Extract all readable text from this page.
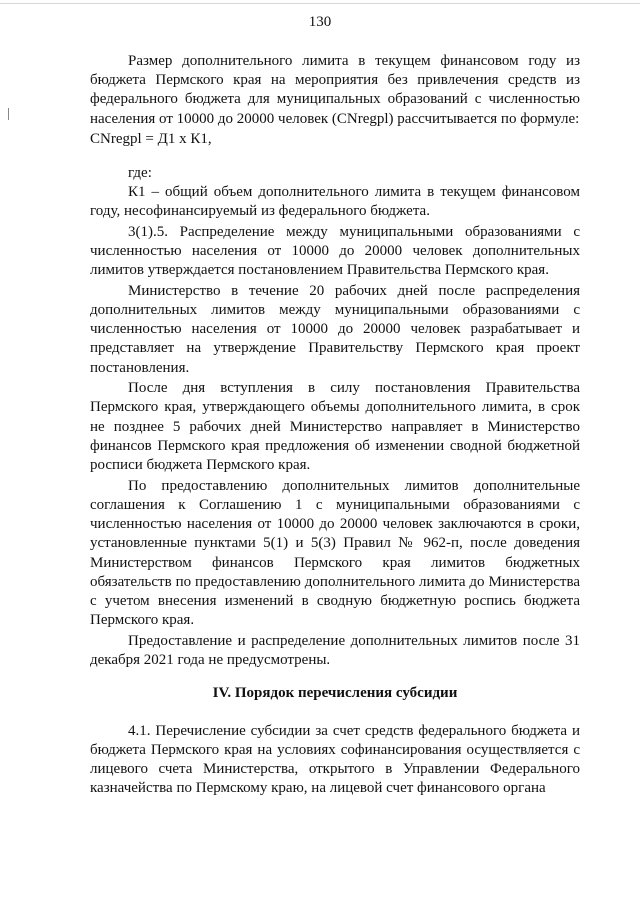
130

Размер дополнительного лимита в текущем финансовом году из бюджета Пермского края на мероприятия без привлечения средств из федерального бюджета для муниципальных образований с численностью населения от 10000 до 20000 человек (CNregpl) рассчитывается по формуле:

CNregpl = Д1 х К1,

где:

К1 – общий объем дополнительного лимита в текущем финансовом году, несофинансируемый из федерального бюджета.

3(1).5. Распределение между муниципальными образованиями с численностью населения от 10000 до 20000 человек дополнительных лимитов утверждается постановлением Правительства Пермского края.

Министерство в течение 20 рабочих дней после распределения дополнительных лимитов между муниципальными образованиями с численностью населения от 10000 до 20000 человек разрабатывает и представляет на утверждение Правительству Пермского края проект постановления.

После дня вступления в силу постановления Правительства Пермского края, утверждающего объемы дополнительного лимита, в срок не позднее 5 рабочих дней Министерство направляет в Министерство финансов Пермского края предложения об изменении сводной бюджетной росписи бюджета Пермского края.

По предоставлению дополнительных лимитов дополнительные соглашения к Соглашению 1 с муниципальными образованиями с численностью населения от 10000 до 20000 человек заключаются в сроки, установленные пунктами 5(1) и 5(3) Правил № 962-п, после доведения Министерством финансов Пермского края лимитов бюджетных обязательств по предоставлению дополнительного лимита до Министерства с учетом внесения изменений в сводную бюджетную роспись бюджета Пермского края.

Предоставление и распределение дополнительных лимитов после 31 декабря 2021 года не предусмотрены.

IV. Порядок перечисления субсидии

4.1. Перечисление субсидии за счет средств федерального бюджета и бюджета Пермского края на условиях софинансирования осуществляется с лицевого счета Министерства, открытого в Управлении Федерального казначейства по Пермскому краю, на лицевой счет финансового органа
